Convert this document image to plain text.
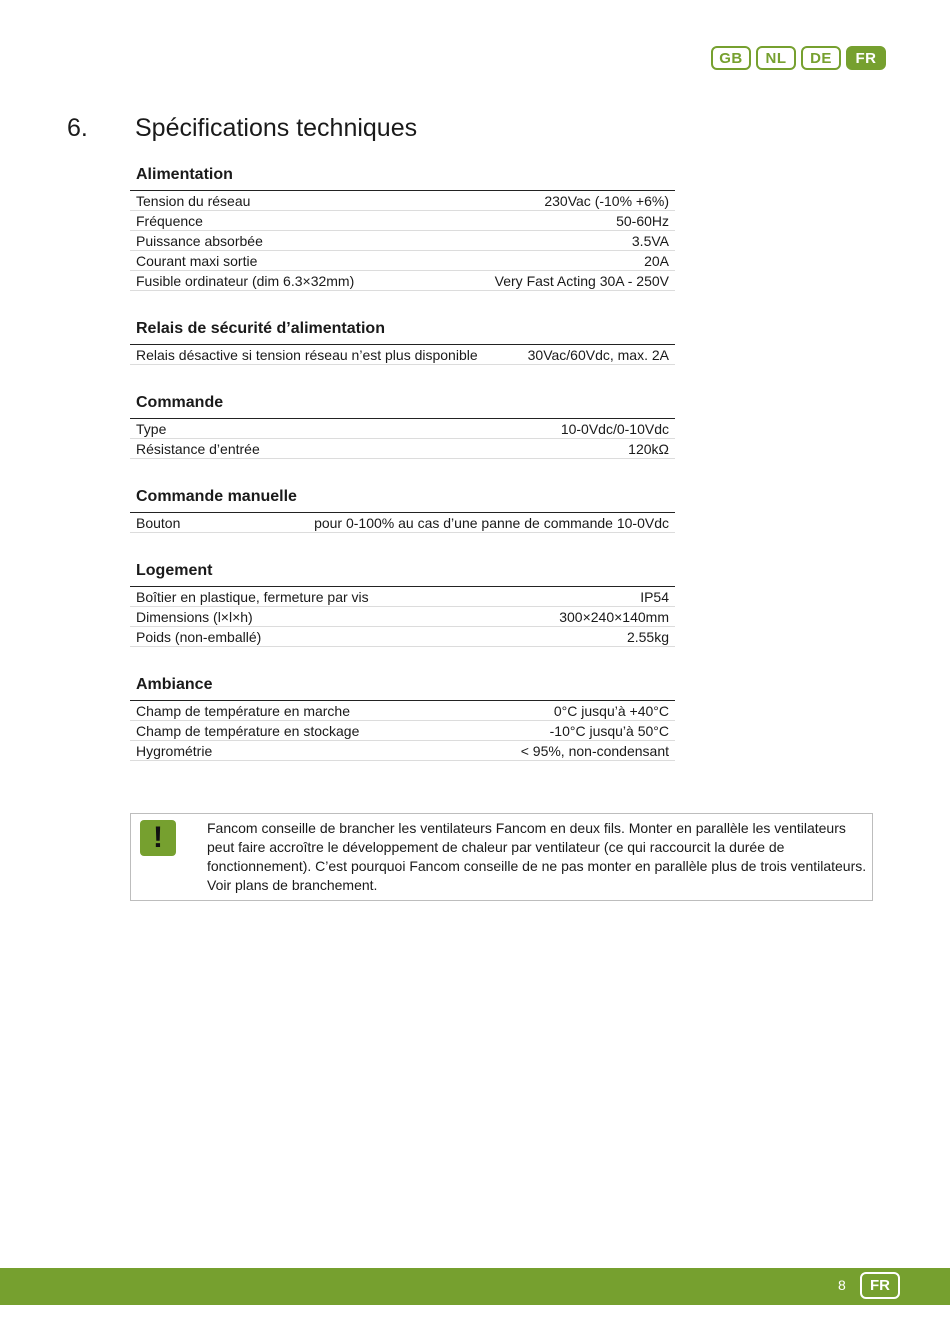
GB	NL	DE	FR
6. Spécifications techniques
Alimentation
Tension du réseau	230Vac (-10% +6%)
Fréquence	50-60Hz
Puissance absorbée	3.5VA
Courant maxi sortie	20A
Fusible ordinateur (dim 6.3×32mm)	Very Fast Acting 30A - 250V
Relais de sécurité d’alimentation
Relais désactive si tension réseau n’est plus disponible	30Vac/60Vdc, max. 2A
Commande
Type	10-0Vdc/0-10Vdc
Résistance d’entrée	120kΩ
Commande manuelle
Bouton	pour 0-100% au cas d’une panne de commande 10-0Vdc
Logement
Boîtier en plastique, fermeture par vis	IP54
Dimensions (l×l×h)	300×240×140mm
Poids (non-emballé)	2.55kg
Ambiance
Champ de température en marche	0°C jusqu’à +40°C
Champ de température en stockage	-10°C jusqu’à 50°C
Hygrométrie	< 95%, non-condensant
!	Fancom conseille de brancher les ventilateurs Fancom en deux fils. Monter en parallèle les ventilateurs peut faire accroître le développement de chaleur par ventilateur (ce qui raccourcit la durée de fonctionnement). C’est pourquoi Fancom conseille de ne pas monter en parallèle plus de trois ventilateurs. Voir plans de branchement.
8	FR
